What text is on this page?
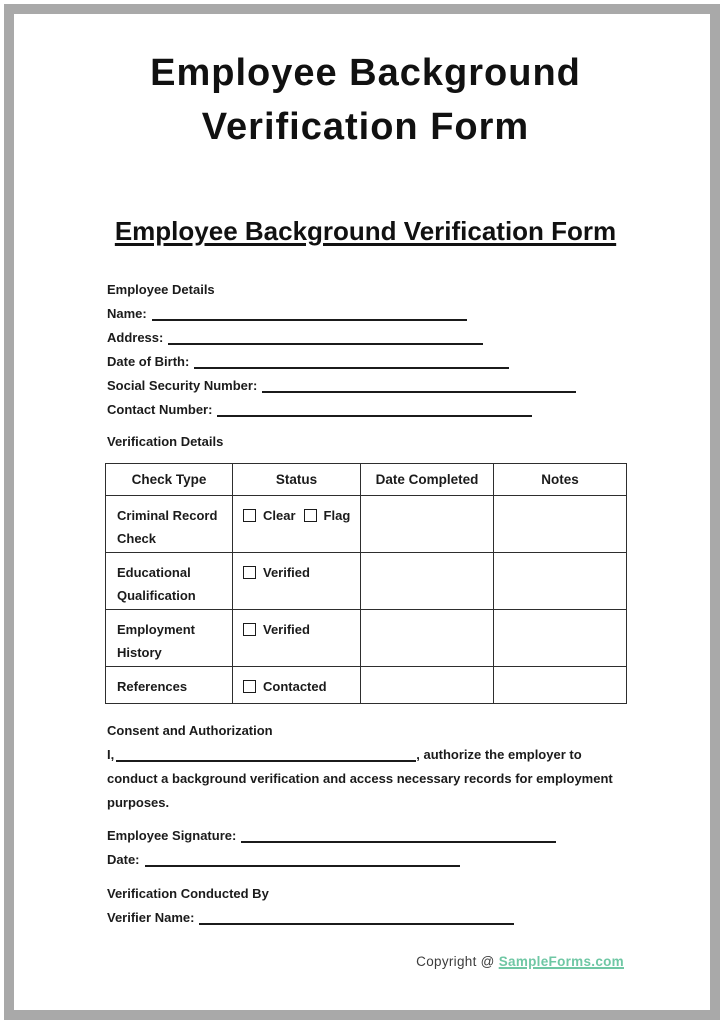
Employee Background Verification Form
Employee Background Verification Form
Employee Details
Name:
Address:
Date of Birth:
Social Security Number:
Contact Number:
Verification Details
Check Type	Status	Date Completed	Notes
Criminal Record Check	Clear Flag		
Educational Qualification	Verified		
Employment History	Verified		
References	Contacted		
Consent and Authorization

I,	, authorize the employer to conduct a background verification and access necessary records for employment purposes.

Employee Signature:
Date:
Verification Conducted By
Verifier Name:
Copyright @ SampleForms.com
